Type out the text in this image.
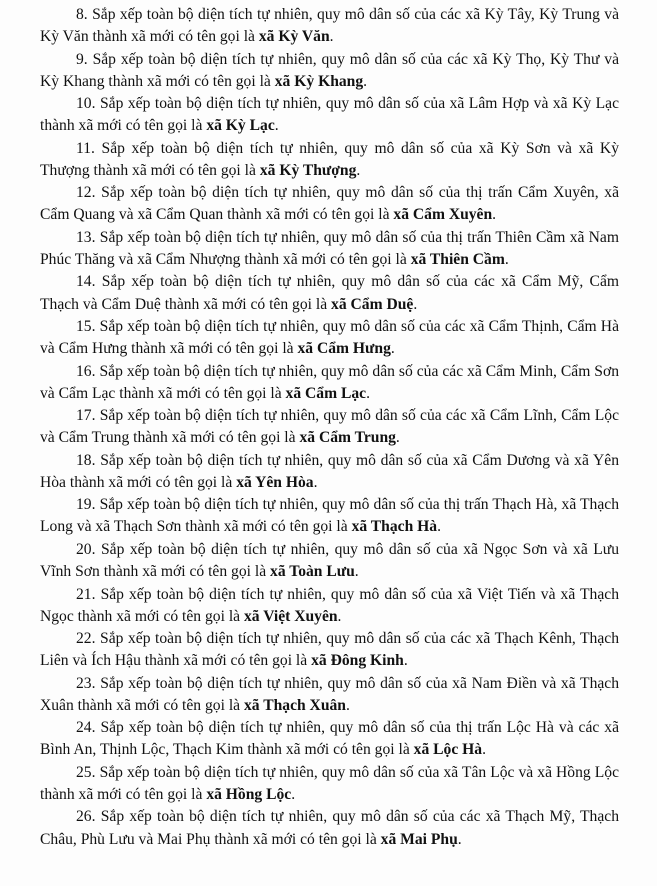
8. Sắp xếp toàn bộ diện tích tự nhiên, quy mô dân số của các xã Kỳ Tây, Kỳ Trung và Kỳ Văn thành xã mới có tên gọi là xã Kỳ Văn.

9. Sắp xếp toàn bộ diện tích tự nhiên, quy mô dân số của các xã Kỳ Thọ, Kỳ Thư và Kỳ Khang thành xã mới có tên gọi là xã Kỳ Khang.

10. Sắp xếp toàn bộ diện tích tự nhiên, quy mô dân số của xã Lâm Hợp và xã Kỳ Lạc thành xã mới có tên gọi là xã Kỳ Lạc.

11. Sắp xếp toàn bộ diện tích tự nhiên, quy mô dân số của xã Kỳ Sơn và xã Kỳ Thượng thành xã mới có tên gọi là xã Kỳ Thượng.

12. Sắp xếp toàn bộ diện tích tự nhiên, quy mô dân số của thị trấn Cẩm Xuyên, xã Cẩm Quang và xã Cẩm Quan thành xã mới có tên gọi là xã Cẩm Xuyên.

13. Sắp xếp toàn bộ diện tích tự nhiên, quy mô dân số của thị trấn Thiên Cầm xã Nam Phúc Thăng và xã Cẩm Nhượng thành xã mới có tên gọi là xã Thiên Cầm.

14. Sắp xếp toàn bộ diện tích tự nhiên, quy mô dân số của các xã Cẩm Mỹ, Cẩm Thạch và Cẩm Duệ thành xã mới có tên gọi là xã Cẩm Duệ.

15. Sắp xếp toàn bộ diện tích tự nhiên, quy mô dân số của các xã Cẩm Thịnh, Cẩm Hà và Cẩm Hưng thành xã mới có tên gọi là xã Cẩm Hưng.

16. Sắp xếp toàn bộ diện tích tự nhiên, quy mô dân số của các xã Cẩm Minh, Cẩm Sơn và Cẩm Lạc thành xã mới có tên gọi là xã Cẩm Lạc.

17. Sắp xếp toàn bộ diện tích tự nhiên, quy mô dân số của các xã Cẩm Lĩnh, Cẩm Lộc và Cẩm Trung thành xã mới có tên gọi là xã Cẩm Trung.

18. Sắp xếp toàn bộ diện tích tự nhiên, quy mô dân số của xã Cẩm Dương và xã Yên Hòa thành xã mới có tên gọi là xã Yên Hòa.

19. Sắp xếp toàn bộ diện tích tự nhiên, quy mô dân số của thị trấn Thạch Hà, xã Thạch Long và xã Thạch Sơn thành xã mới có tên gọi là xã Thạch Hà.

20. Sắp xếp toàn bộ diện tích tự nhiên, quy mô dân số của xã Ngọc Sơn và xã Lưu Vĩnh Sơn thành xã mới có tên gọi là xã Toàn Lưu.

21. Sắp xếp toàn bộ diện tích tự nhiên, quy mô dân số của xã Việt Tiến và xã Thạch Ngọc thành xã mới có tên gọi là xã Việt Xuyên.

22. Sắp xếp toàn bộ diện tích tự nhiên, quy mô dân số của các xã Thạch Kênh, Thạch Liên và Ích Hậu thành xã mới có tên gọi là xã Đông Kinh.

23. Sắp xếp toàn bộ diện tích tự nhiên, quy mô dân số của xã Nam Điền và xã Thạch Xuân thành xã mới có tên gọi là xã Thạch Xuân.

24. Sắp xếp toàn bộ diện tích tự nhiên, quy mô dân số của thị trấn Lộc Hà và các xã Bình An, Thịnh Lộc, Thạch Kim thành xã mới có tên gọi là xã Lộc Hà.

25. Sắp xếp toàn bộ diện tích tự nhiên, quy mô dân số của xã Tân Lộc và xã Hồng Lộc thành xã mới có tên gọi là xã Hồng Lộc.

26. Sắp xếp toàn bộ diện tích tự nhiên, quy mô dân số của các xã Thạch Mỹ, Thạch Châu, Phù Lưu và Mai Phụ thành xã mới có tên gọi là xã Mai Phụ.
